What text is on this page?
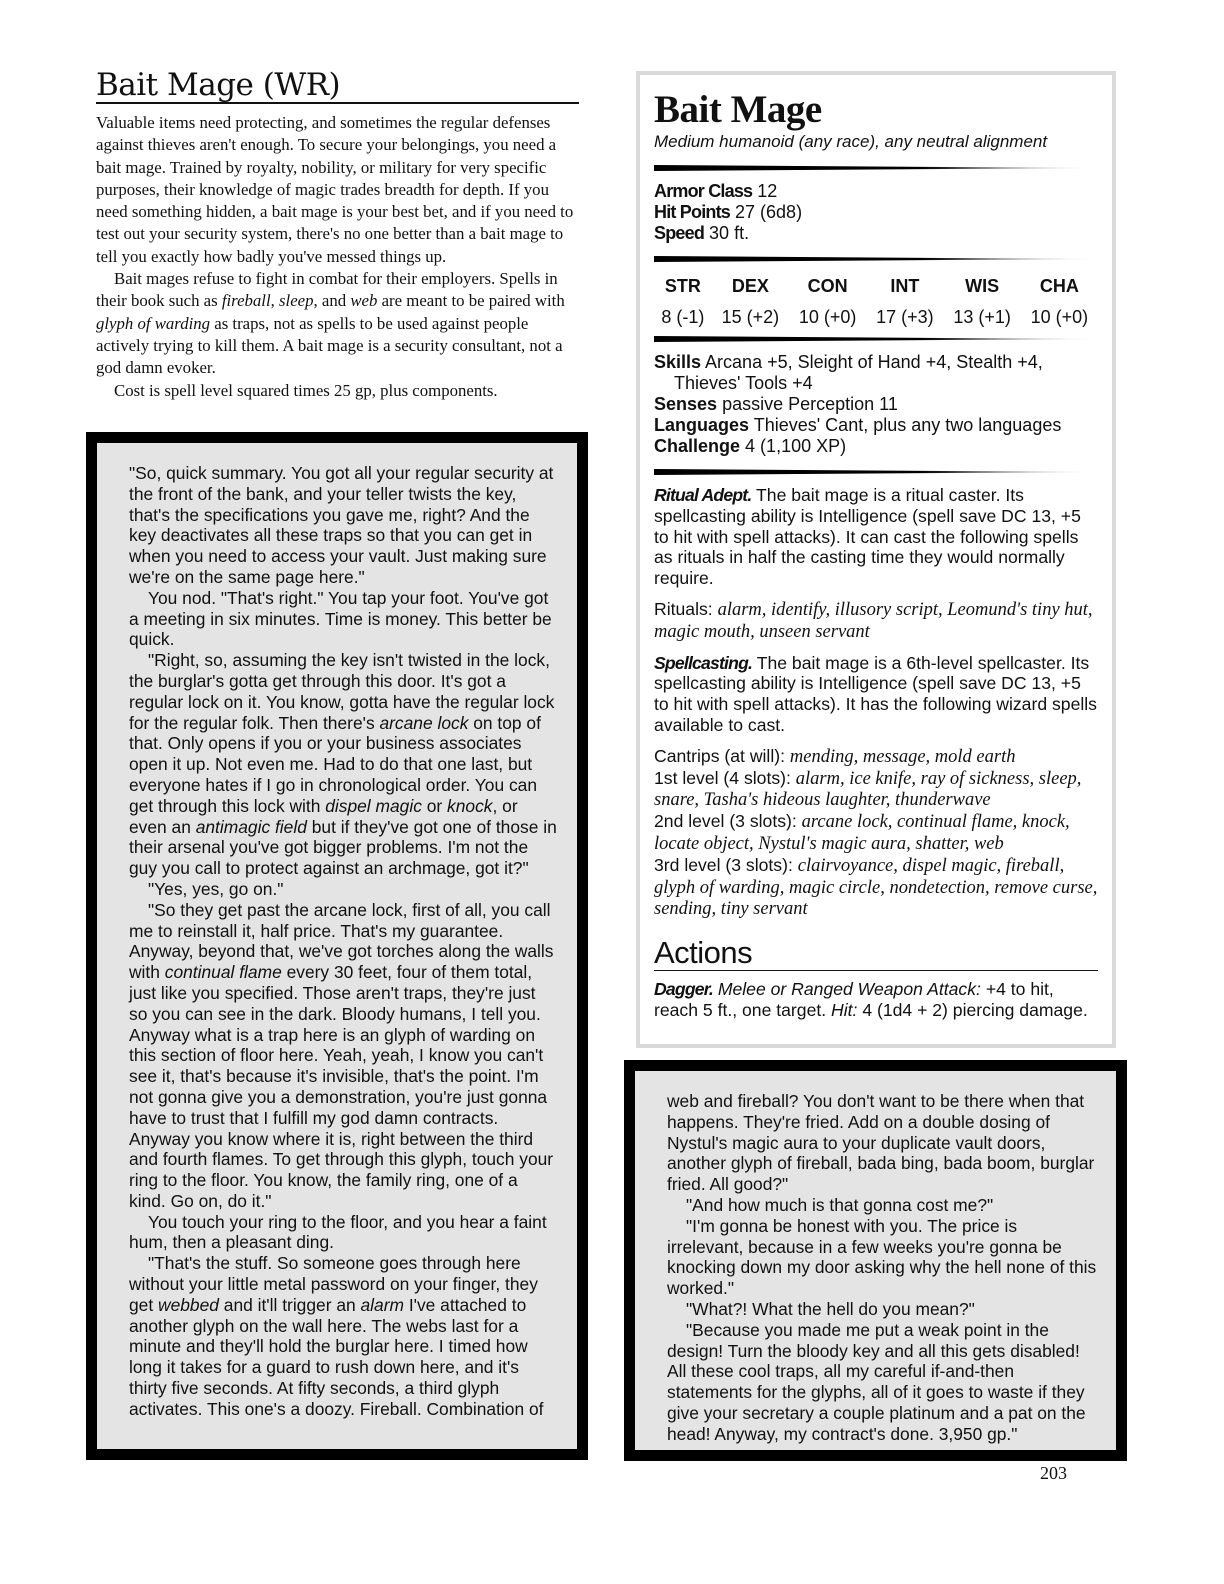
Bait Mage (WR)

Valuable items need protecting, and sometimes the regular defenses against thieves aren't enough. To secure your belongings, you need a bait mage. Trained by royalty, nobility, or military for very specific purposes, their knowledge of magic trades breadth for depth. If you need something hidden, a bait mage is your best bet, and if you need to test out your security system, there's no one better than a bait mage to tell you exactly how badly you've messed things up.

Bait mages refuse to fight in combat for their employers. Spells in their book such as fireball, sleep, and web are meant to be paired with glyph of warding as traps, not as spells to be used against people actively trying to kill them. A bait mage is a security consultant, not a god damn evoker.

Cost is spell level squared times 25 gp, plus components.

"So, quick summary. You got all your regular security at the front of the bank, and your teller twists the key, that's the specifications you gave me, right? And the key deactivates all these traps so that you can get in when you need to access your vault. Just making sure we're on the same page here."

You nod. "That's right." You tap your foot. You've got a meeting in six minutes. Time is money. This better be quick.

"Right, so, assuming the key isn't twisted in the lock, the burglar's gotta get through this door. It's got a regular lock on it. You know, gotta have the regular lock for the regular folk. Then there's arcane lock on top of that. Only opens if you or your business associates open it up. Not even me. Had to do that one last, but everyone hates if I go in chronological order. You can get through this lock with dispel magic or knock, or even an antimagic field but if they've got one of those in their arsenal you've got bigger problems. I'm not the guy you call to protect against an archmage, got it?"

"Yes, yes, go on."

"So they get past the arcane lock, first of all, you call me to reinstall it, half price. That's my guarantee. Anyway, beyond that, we've got torches along the walls with continual flame every 30 feet, four of them total, just like you specified. Those aren't traps, they're just so you can see in the dark. Bloody humans, I tell you. Anyway what is a trap here is an glyph of warding on this section of floor here. Yeah, yeah, I know you can't see it, that's because it's invisible, that's the point. I'm not gonna give you a demonstration, you're just gonna have to trust that I fulfill my god damn contracts. Anyway you know where it is, right between the third and fourth flames. To get through this glyph, touch your ring to the floor. You know, the family ring, one of a kind. Go on, do it."

You touch your ring to the floor, and you hear a faint hum, then a pleasant ding.

"That's the stuff. So someone goes through here without your little metal password on your finger, they get webbed and it'll trigger an alarm I've attached to another glyph on the wall here. The webs last for a minute and they'll hold the burglar here. I timed how long it takes for a guard to rush down here, and it's thirty five seconds. At fifty seconds, a third glyph activates. This one's a doozy. Fireball. Combination of

Bait Mage

Medium humanoid (any race), any neutral alignment

Armor Class 12

Hit Points 27 (6d8)

Speed 30 ft.

STR	DEX	CON	INT	WIS	CHA
8 (-1)	15 (+2)	10 (+0)	17 (+3)	13 (+1)	10 (+0)

Skills Arcana +5, Sleight of Hand +4, Stealth +4, Thieves' Tools +4

Senses passive Perception 11

Languages Thieves' Cant, plus any two languages

Challenge 4 (1,100 XP)

Ritual Adept. The bait mage is a ritual caster. Its spellcasting ability is Intelligence (spell save DC 13, +5 to hit with spell attacks). It can cast the following spells as rituals in half the casting time they would normally require.

Rituals: alarm, identify, illusory script, Leomund's tiny hut, magic mouth, unseen servant

Spellcasting. The bait mage is a 6th-level spellcaster. Its spellcasting ability is Intelligence (spell save DC 13, +5 to hit with spell attacks). It has the following wizard spells available to cast.

Cantrips (at will): mending, message, mold earth

1st level (4 slots): alarm, ice knife, ray of sickness, sleep, snare, Tasha's hideous laughter, thunderwave

2nd level (3 slots): arcane lock, continual flame, knock, locate object, Nystul's magic aura, shatter, web

3rd level (3 slots): clairvoyance, dispel magic, fireball, glyph of warding, magic circle, nondetection, remove curse, sending, tiny servant

Actions

Dagger. Melee or Ranged Weapon Attack: +4 to hit, reach 5 ft., one target. Hit: 4 (1d4 + 2) piercing damage.

web and fireball? You don't want to be there when that happens. They're fried. Add on a double dosing of Nystul's magic aura to your duplicate vault doors, another glyph of fireball, bada bing, bada boom, burglar fried. All good?"

"And how much is that gonna cost me?"

"I'm gonna be honest with you. The price is irrelevant, because in a few weeks you're gonna be knocking down my door asking why the hell none of this worked."

"What?! What the hell do you mean?"

"Because you made me put a weak point in the design! Turn the bloody key and all this gets disabled! All these cool traps, all my careful if-and-then statements for the glyphs, all of it goes to waste if they give your secretary a couple platinum and a pat on the head! Anyway, my contract's done. 3,950 gp."

203
